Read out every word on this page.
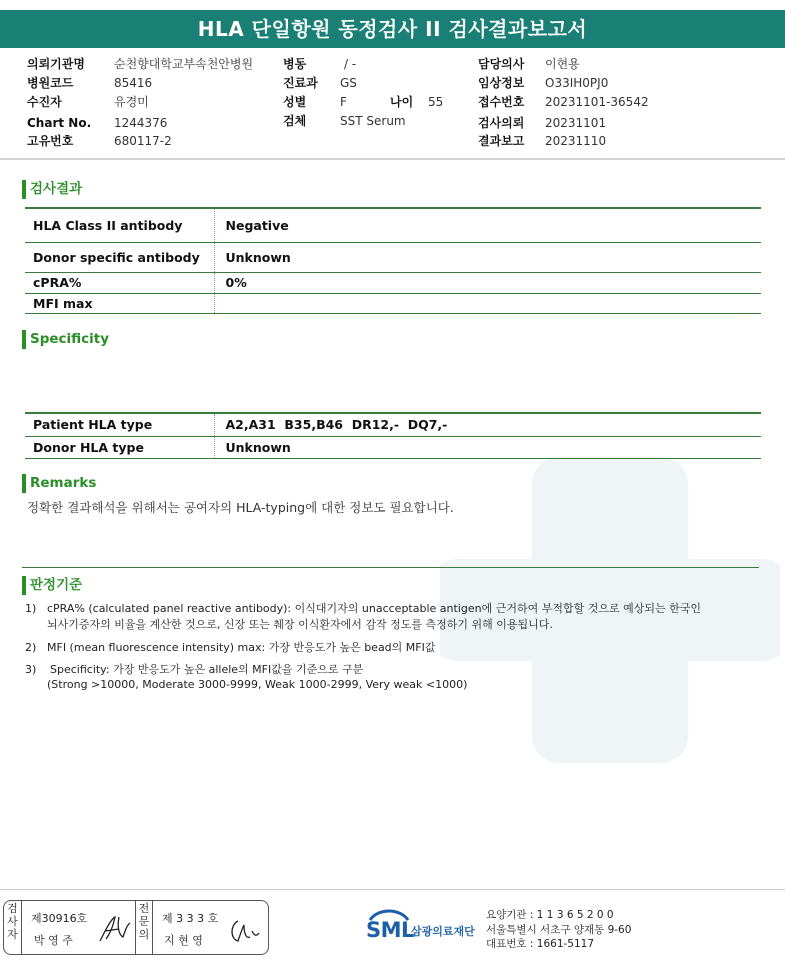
HLA 단일항원 동정검사 II 검사결과보고서
의뢰기관명 순천향대학교부속천안병원
병원코드	85416
수진자	유경미
Chart No. 1244376
고유번호	680117-2
병동	/ -
진료과 GS
성별	F	나이 55
검체	SST Serum
담당의사 이현용
임상정보 O33IH0PJ0
접수번호 20231101-36542
검사의뢰 20231101
결과보고 20231110
검사결과
HLA Class II antibody	Negative
Donor specific antibody	Unknown
cPRA%	0%
MFI max	
Specificity
Patient HLA type	A2,A31  B35,B46  DR12,-  DQ7,-
Donor HLA type	Unknown
Remarks
정확한 결과해석을 위해서는 공여자의 HLA-typing에 대한 정보도 필요합니다.
판정기준
1) cPRA% (calculated panel reactive antibody): 이식대기자의 unacceptable antigen에 근거하여 부적합할 것으로 예상되는 한국인
뇌사기증자의 비율을 계산한 것으로, 신장 또는 췌장 이식환자에서 감작 정도를 측정하기 위해 이용됩니다.
2) MFI (mean fluorescence intensity) max: 가장 반응도가 높은 bead의 MFI값
3) Specificity: 가장 반응도가 높은 allele의 MFI값을 기준으로 구분
(Strong >10000, Moderate 3000-9999, Weak 1000-2999, Very weak <1000)
검
사
자
제30916호
박 영 주
전
문
의
제 3 3 3 호
지 현 영	SML
삼광의료재단
요양기관 : 1 1 3 6 5 2 0 0
서울특별시 서초구 양재동 9-60
대표번호 : 1661-5117
